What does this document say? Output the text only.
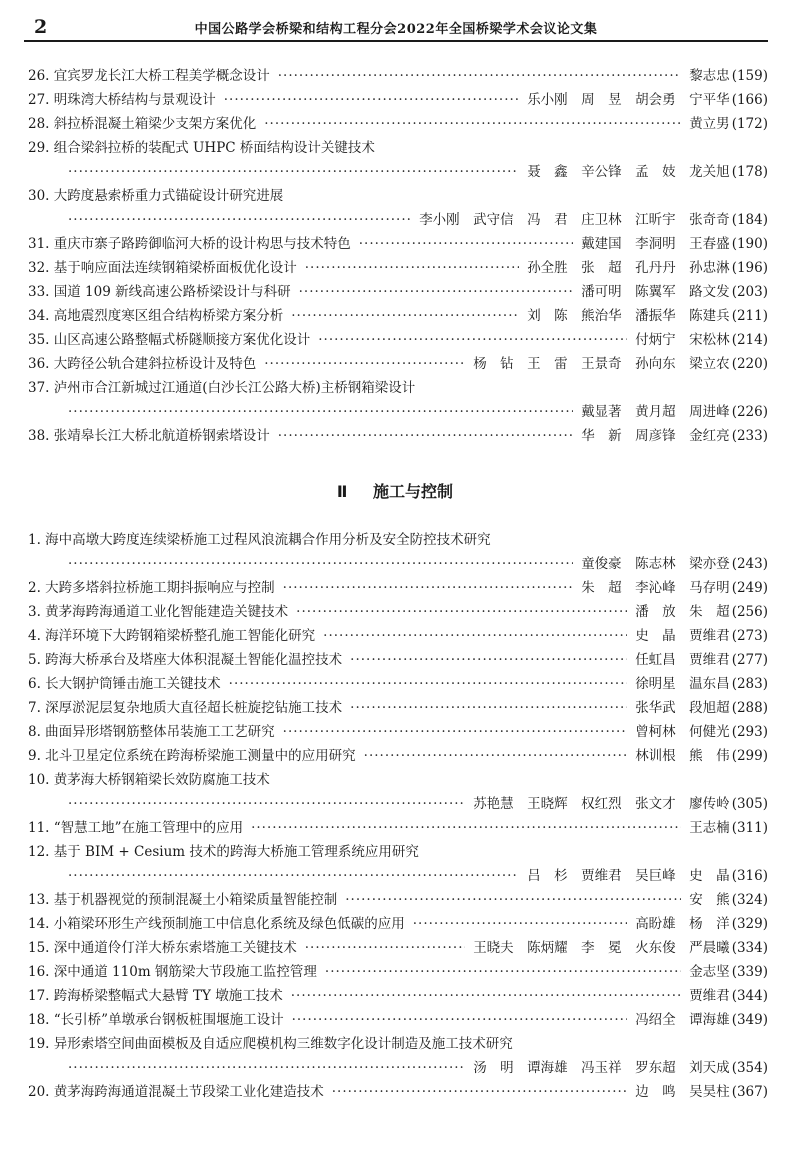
2	中国公路学会桥梁和结构工程分会2022年全国桥梁学术会议论文集
26. 宜宾罗龙长江大桥工程美学概念设计 ·····	黎志忠 (159)
27. 明珠湾大桥结构与景观设计 ·····	乐小刚　周　昱　胡会勇　宁平华 (166)
28. 斜拉桥混凝土箱梁少支架方案优化 ·····	黄立男 (172)
29. 组合梁斜拉桥的装配式 UHPC 桥面结构设计关键技术
·····
聂　鑫　辛公锋　孟　妓　龙关旭 (178)
30. 大跨度悬索桥重力式锚碇设计研究进展
·····
李小刚　武守信　冯　君　庄卫林　江昕宇　张奇奇 (184)
31. 重庆市寨子路跨御临河大桥的设计构思与技术特色 ·····	戴建国　李洞明　王春盛 (190)
32. 基于响应面法连续钢箱梁桥面板优化设计 ·····	孙全胜　张　超　孔丹丹　孙忠淋 (196)
33. 国道 109 新线高速公路桥梁设计与科研 ·····	潘可明　陈翼军　路文发 (203)
34. 高地震烈度寒区组合结构桥梁方案分析 ·····	刘　陈　熊治华　潘振华　陈建兵 (211)
35. 山区高速公路整幅式桥隧顺接方案优化设计 ·····	付炳宁　宋松林 (214)
36. 大跨径公轨合建斜拉桥设计及特色 ·····	杨　钻　王　雷　王景奇　孙向东　梁立农 (220)
37. 泸州市合江新城过江通道(白沙长江公路大桥)主桥钢箱梁设计
·····
戴显著　黄月超　周进峰 (226)
38. 张靖皋长江大桥北航道桥钢索塔设计 ·····	华　新　周彦锋　金红亮 (233)
Ⅱ 施工与控制
1. 海中高墩大跨度连续梁桥施工过程风浪流耦合作用分析及安全防控技术研究
·····
童俊豪　陈志林　梁亦登 (243)
2. 大跨多塔斜拉桥施工期抖振响应与控制 ·····	朱　超　李沁峰　马存明 (249)
3. 黄茅海跨海通道工业化智能建造关键技术 ·····	潘　放　朱　超 (256)
4. 海洋环境下大跨钢箱梁桥整孔施工智能化研究 ·····	史　晶　贾维君 (273)
5. 跨海大桥承台及塔座大体积混凝土智能化温控技术 ·····	任虹昌　贾维君 (277)
6. 长大钢护筒锤击施工关键技术 ·····	徐明星　温东昌 (283)
7. 深厚淤泥层复杂地质大直径超长桩旋挖钻施工技术 ·····	张华武　段旭超 (288)
8. 曲面异形塔钢筋整体吊装施工工艺研究 ·····	曾柯林　何健光 (293)
9. 北斗卫星定位系统在跨海桥梁施工测量中的应用研究 ·····	林训根　熊　伟 (299)
10. 黄茅海大桥钢箱梁长效防腐施工技术
·····
苏艳慧　王晓辉　权红烈　张文才　廖传岭 (305)
11. “智慧工地”在施工管理中的应用 ·····	王志楠 (311)
12. 基于 BIM + Cesium 技术的跨海大桥施工管理系统应用研究
·····
吕　杉　贾维君　吴巨峰　史　晶 (316)
13. 基于机器视觉的预制混凝土小箱梁质量智能控制 ·····	安　熊 (324)
14. 小箱梁环形生产线预制施工中信息化系统及绿色低碳的应用 ·····	高盼雄　杨　洋 (329)
15. 深中通道伶仃洋大桥东索塔施工关键技术 ·····	王晓夫　陈炳耀　李　冕　火东俊　严晨曦 (334)
16. 深中通道 110m 钢筋梁大节段施工监控管理 ·····	金志坚 (339)
17. 跨海桥梁整幅式大悬臂 TY 墩施工技术 ·····	贾维君 (344)
18. “长引桥”单墩承台钢板桩围堰施工设计 ·····	冯绍全　谭海雄 (349)
19. 异形索塔空间曲面模板及自适应爬模机构三维数字化设计制造及施工技术研究
·····
汤　明　谭海雄　冯玉祥　罗东超　刘天成 (354)
20. 黄茅海跨海通道混凝土节段梁工业化建造技术 ·····	边　鸣　吴昊柱 (367)
